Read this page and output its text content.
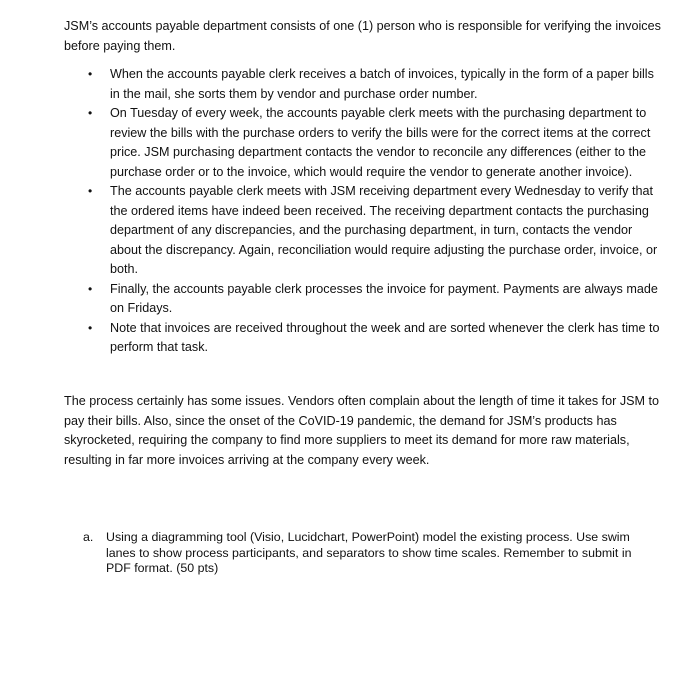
JSM’s accounts payable department consists of one (1) person who is responsible for verifying the invoices before paying them.

• When the accounts payable clerk receives a batch of invoices, typically in the form of a paper bills in the mail, she sorts them by vendor and purchase order number.
• On Tuesday of every week, the accounts payable clerk meets with the purchasing department to review the bills with the purchase orders to verify the bills were for the correct items at the correct price. JSM purchasing department contacts the vendor to reconcile any differences (either to the purchase order or to the invoice, which would require the vendor to generate another invoice).
• The accounts payable clerk meets with JSM receiving department every Wednesday to verify that the ordered items have indeed been received. The receiving department contacts the purchasing department of any discrepancies, and the purchasing department, in turn, contacts the vendor about the discrepancy. Again, reconciliation would require adjusting the purchase order, invoice, or both.
• Finally, the accounts payable clerk processes the invoice for payment. Payments are always made on Fridays.
• Note that invoices are received throughout the week and are sorted whenever the clerk has time to perform that task.

The process certainly has some issues. Vendors often complain about the length of time it takes for JSM to pay their bills. Also, since the onset of the CoVID-19 pandemic, the demand for JSM’s products has skyrocketed, requiring the company to find more suppliers to meet its demand for more raw materials, resulting in far more invoices arriving at the company every week.

a. Using a diagramming tool (Visio, Lucidchart, PowerPoint) model the existing process. Use swim lanes to show process participants, and separators to show time scales. Remember to submit in PDF format. (50 pts)
